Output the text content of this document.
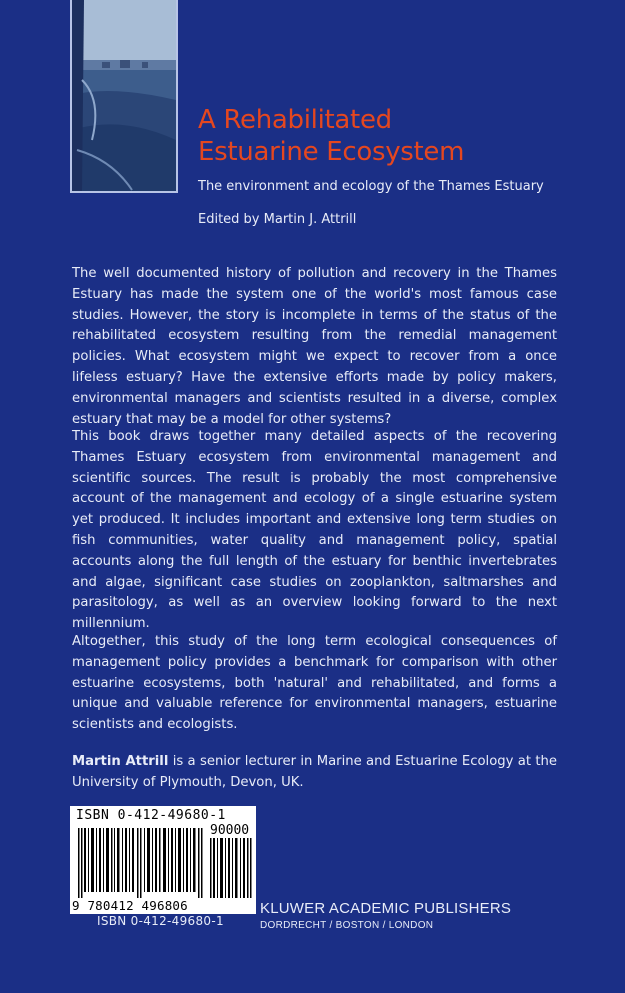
A Rehabilitated
Estuarine Ecosystem

The environment and ecology of the Thames Estuary

Edited by Martin J. Attrill

The well documented history of pollution and recovery in the Thames Estuary has made the system one of the world's most famous case studies. However, the story is incomplete in terms of the status of the rehabilitated ecosystem resulting from the remedial management policies. What ecosystem might we expect to recover from a once lifeless estuary? Have the extensive efforts made by policy makers, environmental managers and scientists resulted in a diverse, complex estuary that may be a model for other systems?

This book draws together many detailed aspects of the recovering Thames Estuary ecosystem from environmental management and scientific sources. The result is probably the most comprehensive account of the management and ecology of a single estuarine system yet produced. It includes important and extensive long term studies on fish communities, water quality and management policy, spatial accounts along the full length of the estuary for benthic invertebrates and algae, significant case studies on zooplankton, saltmarshes and parasitology, as well as an overview looking forward to the next millennium.

Altogether, this study of the long term ecological consequences of management policy provides a benchmark for comparison with other estuarine ecosystems, both 'natural' and rehabilitated, and forms a unique and valuable reference for environmental managers, estuarine scientists and ecologists.

Martin Attrill is a senior lecturer in Marine and Estuarine Ecology at the University of Plymouth, Devon, UK.

ISBN 0-412-49680-1
90000
9 780412 496806
ISBN 0-412-49680-1
KLUWER ACADEMIC PUBLISHERS
DORDRECHT / BOSTON / LONDON
